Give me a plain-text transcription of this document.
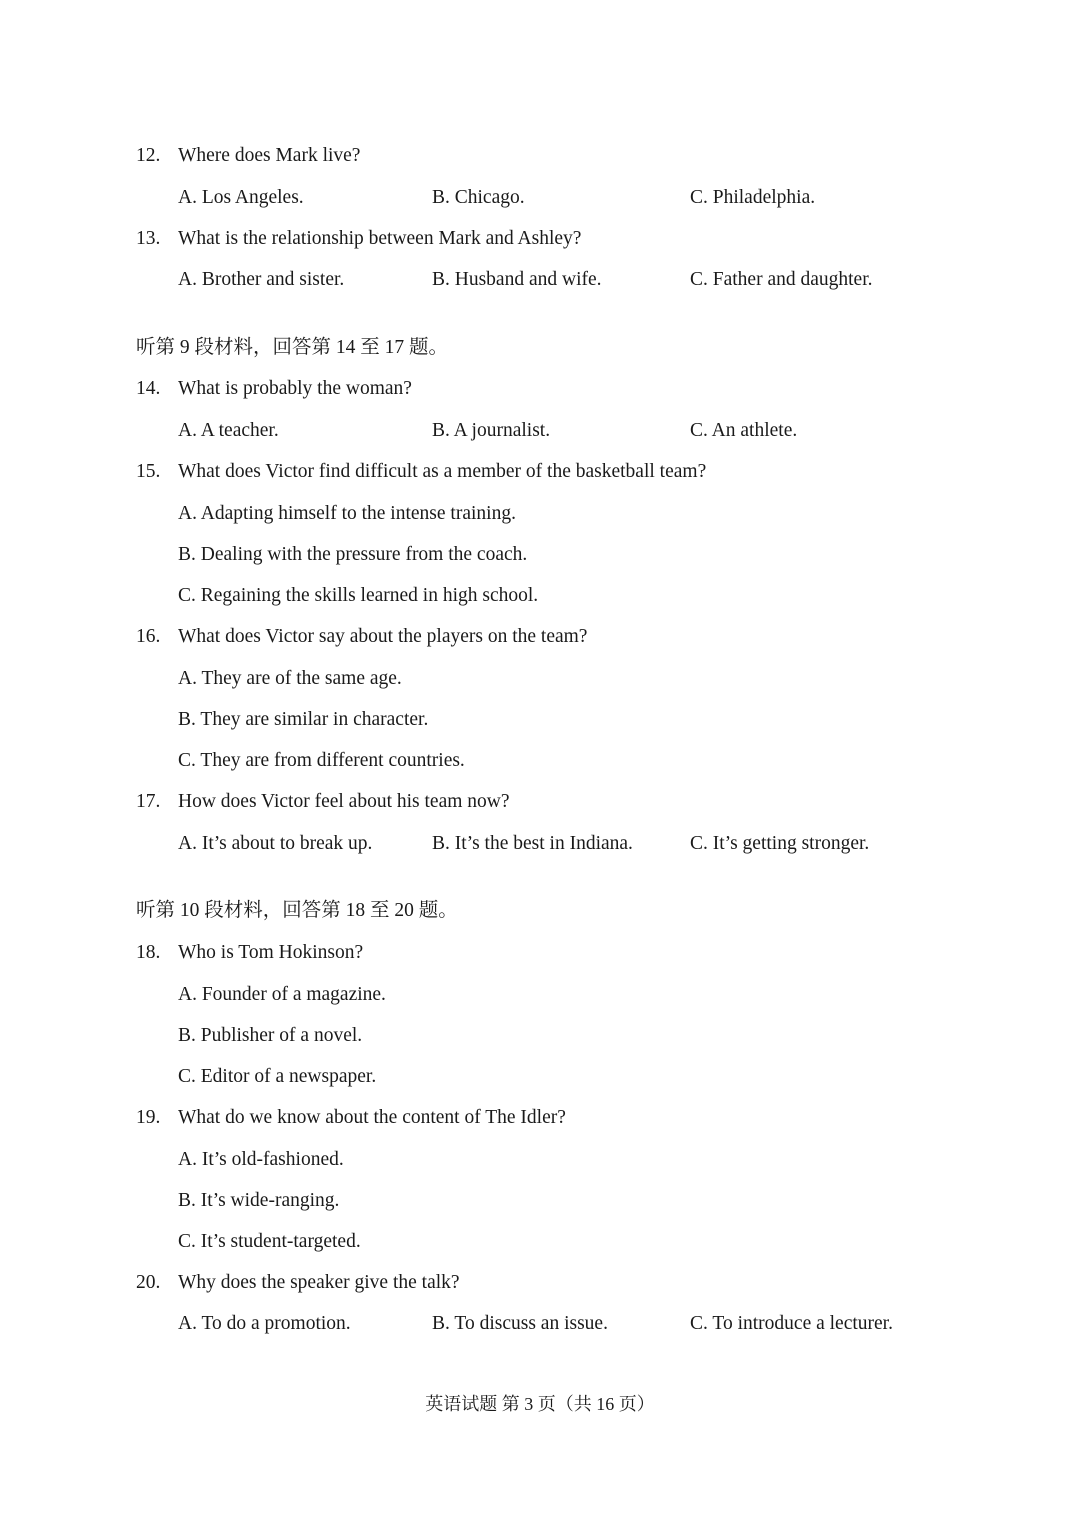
12. Where does Mark live?
A. Los Angeles.	B. Chicago.	C. Philadelphia.
13. What is the relationship between Mark and Ashley?
A. Brother and sister.	B. Husband and wife.	C. Father and daughter.
听第 9 段材料，回答第 14 至 17 题。
14. What is probably the woman?
A. A teacher.	B. A journalist.	C. An athlete.
15. What does Victor find difficult as a member of the basketball team?
A. Adapting himself to the intense training.
B. Dealing with the pressure from the coach.
C. Regaining the skills learned in high school.
16. What does Victor say about the players on the team?
A. They are of the same age.
B. They are similar in character.
C. They are from different countries.
17. How does Victor feel about his team now?
A. It’s about to break up.	B. It’s the best in Indiana.	C. It’s getting stronger.
听第 10 段材料，回答第 18 至 20 题。
18. Who is Tom Hokinson?
A. Founder of a magazine.
B. Publisher of a novel.
C. Editor of a newspaper.
19. What do we know about the content of The Idler?
A. It’s old-fashioned.
B. It’s wide-ranging.
C. It’s student-targeted.
20. Why does the speaker give the talk?
A. To do a promotion.	B. To discuss an issue.	C. To introduce a lecturer.
英语试题 第 3 页（共 16 页）
